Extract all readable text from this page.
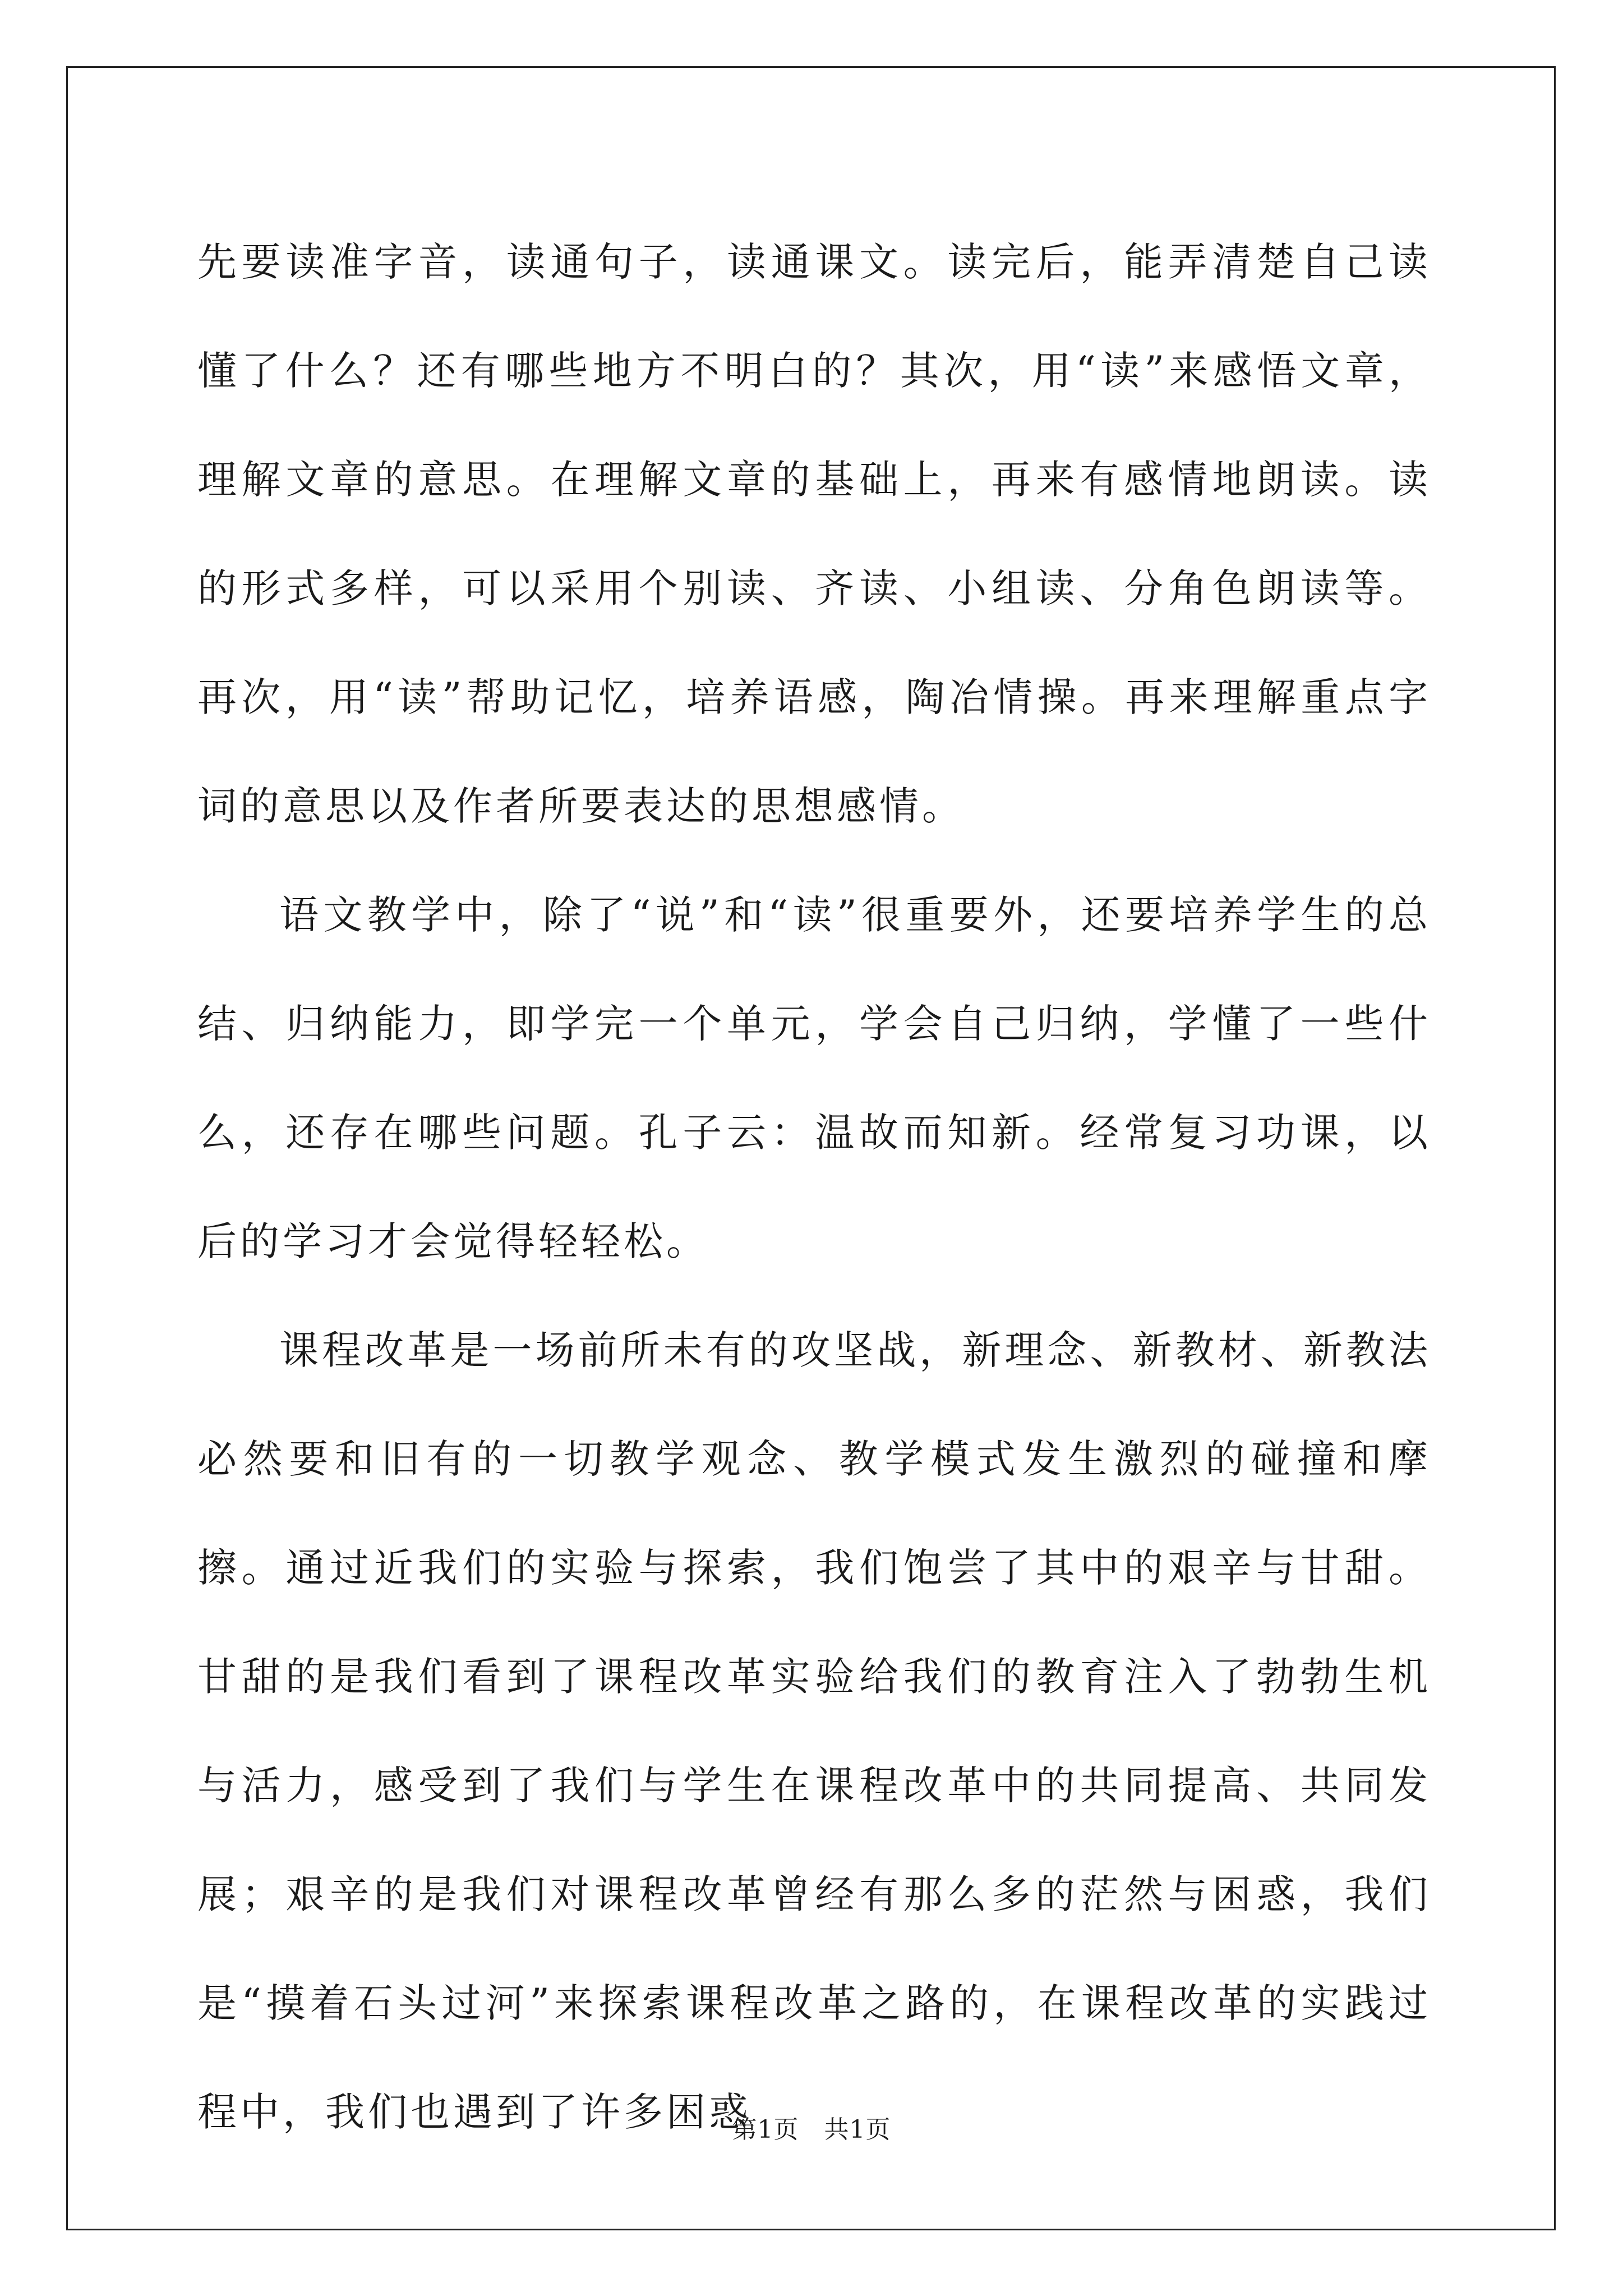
先要读准字音，读通句子，读通课文。读完后，能弄清楚自己读懂了什么？还有哪些地方不明白的？其次，用“读”来感悟文章，理解文章的意思。在理解文章的基础上，再来有感情地朗读。读的形式多样，可以采用个别读、齐读、小组读、分角色朗读等。再次，用“读”帮助记忆，培养语感，陶冶情操。再来理解重点字词的意思以及作者所要表达的思想感情。

语文教学中，除了“说”和“读”很重要外，还要培养学生的总结、归纳能力，即学完一个单元，学会自己归纳，学懂了一些什么，还存在哪些问题。孔子云：温故而知新。经常复习功课，以后的学习才会觉得轻轻松。

课程改革是一场前所未有的攻坚战，新理念、新教材、新教法必然要和旧有的一切教学观念、教学模式发生激烈的碰撞和摩擦。通过近我们的实验与探索，我们饱尝了其中的艰辛与甘甜。甘甜的是我们看到了课程改革实验给我们的教育注入了勃勃生机与活力，感受到了我们与学生在课程改革中的共同提高、共同发展；艰辛的是我们对课程改革曾经有那么多的茫然与困惑，我们是“摸着石头过河”来探索课程改革之路的，在课程改革的实践过程中，我们也遇到了许多困惑

第1页 共1页
